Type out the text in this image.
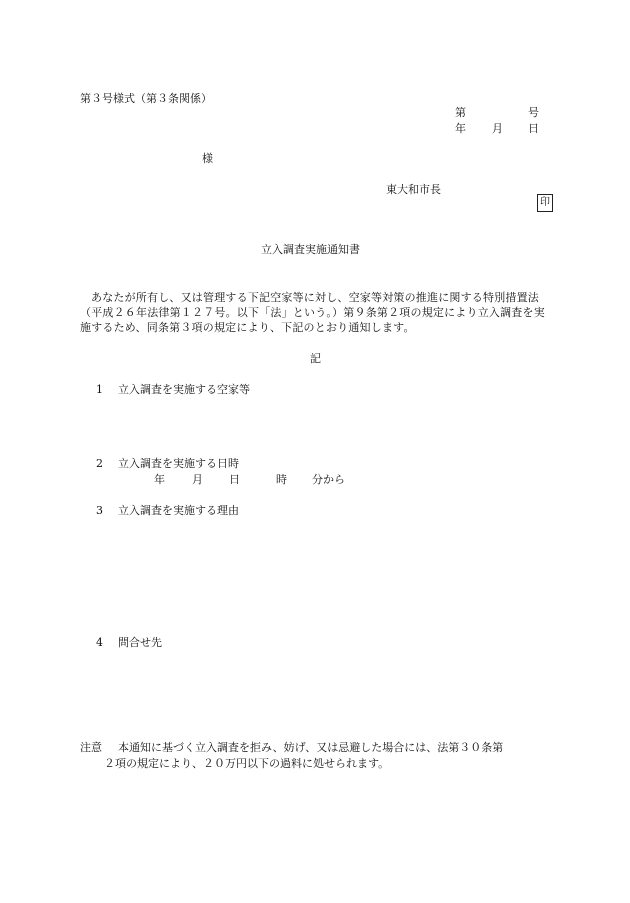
第３号様式（第３条関係）
第	号
年 月 日
様
東大和市長
印
立入調査実施通知書
あなたが所有し、又は管理する下記空家等に対し、空家等対策の推進に関する特別措置法（平成２６年法律第１２７号。以下「法」という。）第９条第２項の規定により立入調査を実施するため、同条第３項の規定により、下記のとおり通知します。
記
1 立入調査を実施する空家等
2 立入調査を実施する日時
年 月 日	時 分から
3 立入調査を実施する理由
4 問合せ先
注意 本通知に基づく立入調査を拒み、妨げ、又は忌避した場合には、法第３０条第
２項の規定により、２０万円以下の過料に処せられます。
